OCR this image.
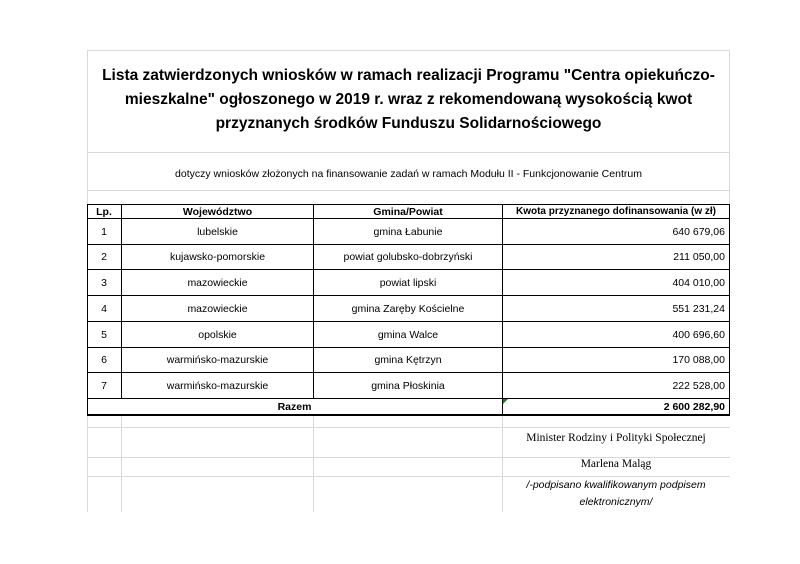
Lista zatwierdzonych wniosków w ramach realizacji Programu "Centra opiekuńczo-
mieszkalne" ogłoszonego w 2019 r. wraz z rekomendowaną wysokością kwot
przyznanych środków Funduszu Solidarnościowego
dotyczy wniosków złożonych na finansowanie zadań w ramach Modułu II - Funkcjonowanie Centrum
Lp.	Województwo	Gmina/Powiat	Kwota przyznanego dofinansowania (w zł)
1	lubelskie	gmina Łabunie	640 679,06
2	kujawsko-pomorskie	powiat golubsko-dobrzyński	211 050,00
3	mazowieckie	powiat lipski	404 010,00
4	mazowieckie	gmina Zaręby Kościelne	551 231,24
5	opolskie	gmina Walce	400 696,60
6	warmińsko-mazurskie	gmina Kętrzyn	170 088,00
7	warmińsko-mazurskie	gmina Płoskinia	222 528,00
Razem	2 600 282,90
Minister Rodziny i Polityki Społecznej
Marlena Maląg
/-podpisano kwalifikowanym podpisem
elektronicznym/
